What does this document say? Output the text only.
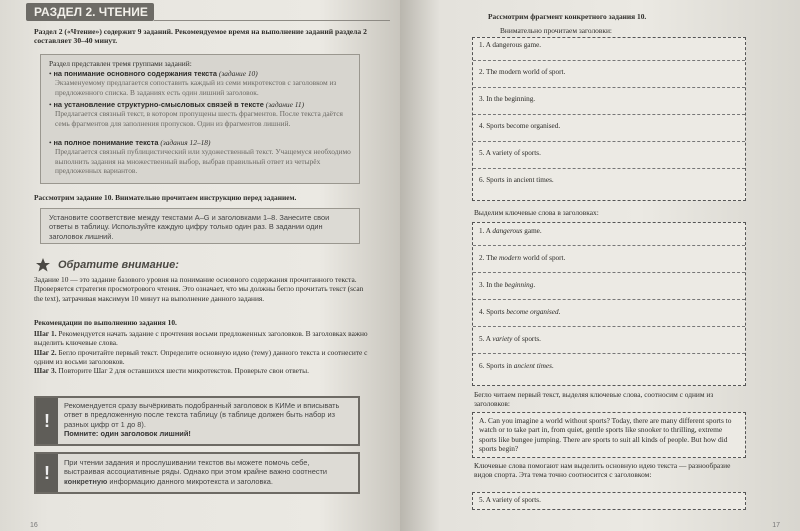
РАЗДЕЛ 2. ЧТЕНИЕ
Раздел 2 («Чтение») содержит 9 заданий. Рекомендуемое время на выполнение заданий раздела 2 составляет 30–40 минут.
Раздел представлен тремя группами заданий:
• на понимание основного содержания текста (задание 10)
Экзаменуемому предлагается сопоставить каждый из семи микротекстов с заголовком из предложенного списка. В заданиях есть один лишний заголовок.
• на установление структурно-смысловых связей в тексте (задание 11)
Предлагается связный текст, в котором пропущены шесть фрагментов. После текста даётся семь фрагментов для заполнения пропусков. Один из фрагментов лишний.
• на полное понимание текста (задания 12–18)
Предлагается связный публицистический или художественный текст. Учащемуся необходимо выполнить задания на множественный выбор, выбрав правильный ответ из четырёх предложенных вариантов.
Рассмотрим задание 10. Внимательно прочитаем инструкцию перед заданием.
Установите соответствие между текстами A–G и заголовками 1–8. Занесите свои ответы в таблицу. Используйте каждую цифру только один раз. В задании один заголовок лишний.
Обратите внимание:
Задание 10 — это задание базового уровня на понимание основного содержания прочитанного текста. Проверяется стратегия просмотрового чтения. Это означает, что мы должны бегло прочитать текст (scan the text), затрачивая максимум 10 минут на выполнение данного задания.
Рекомендации по выполнению задания 10.
Шаг 1. Рекомендуется начать задание с прочтения восьми предложенных заголовков. В заголовках важно выделить ключевые слова.
Шаг 2. Бегло прочитайте первый текст. Определите основную идею (тему) данного текста и соотнесите с одним из восьми заголовков.
Шаг 3. Повторите Шаг 2 для оставшихся шести микротекстов. Проверьте свои ответы.
!
Рекомендуется сразу вычёркивать подобранный заголовок в КИМе и вписывать ответ в предложенную после текста таблицу (в таблице должен быть набор из разных цифр от 1 до 8).
Помните: один заголовок лишний!
!
При чтении задания и прослушивании текстов вы можете помочь себе, выстраивая ассоциативные ряды. Однако при этом крайне важно соотнести конкретную информацию данного микротекста и заголовка.
16
Рассмотрим фрагмент конкретного задания 10.
Внимательно прочитаем заголовки:
1. A dangerous game.
2. The modern world of sport.
3. In the beginning.
4. Sports become organised.
5. A variety of sports.
6. Sports in ancient times.
Выделим ключевые слова в заголовках:
1. A dangerous game.
2. The modern world of sport.
3. In the beginning.
4. Sports become organised.
5. A variety of sports.
6. Sports in ancient times.
Бегло читаем первый текст, выделяя ключевые слова, соотносим с одним из заголовков:
A. Can you imagine a world without sports? Today, there are many different sports to watch or to take part in, from quiet, gentle sports like snooker to thrilling, extreme sports like bungee jumping. There are sports to suit all kinds of people. But how did sports begin?
Ключевые слова помогают нам выделить основную идею текста — разнообразие видов спорта. Эта тема точно соотносится с заголовком:
5. A variety of sports.
17
